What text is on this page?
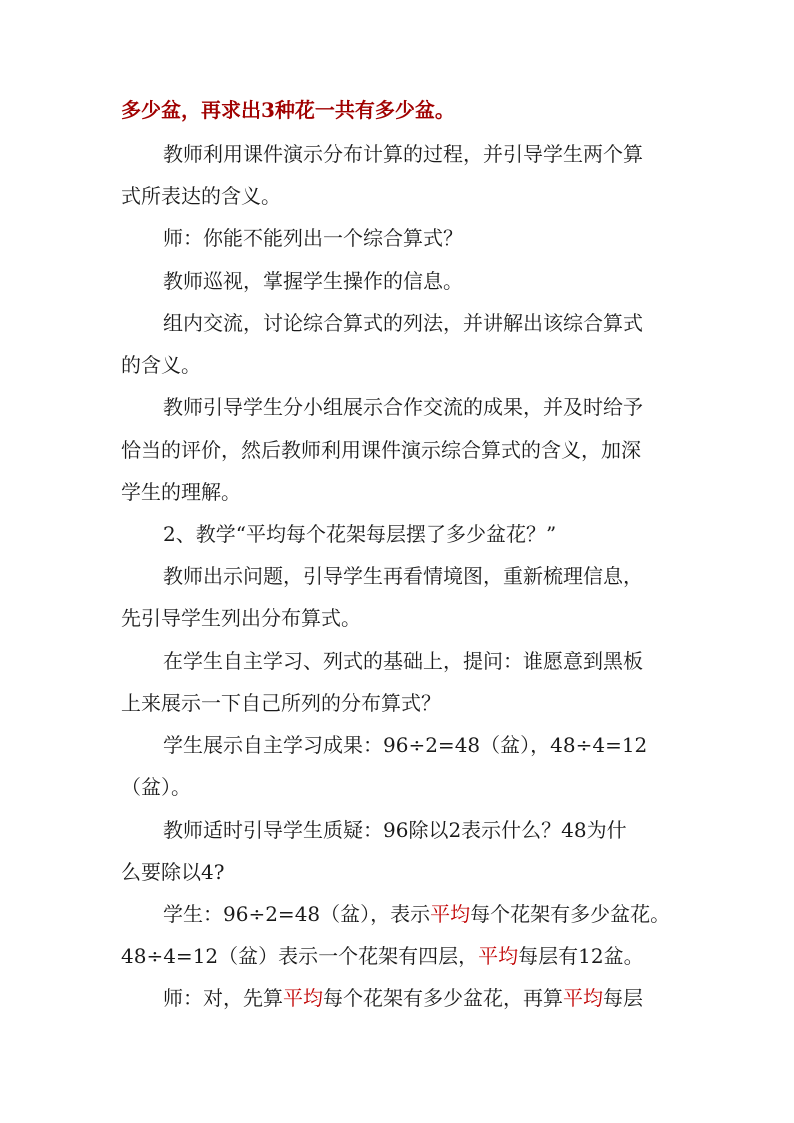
多少盆，再求出3种花一共有多少盆。
教师利用课件演示分布计算的过程，并引导学生两个算
式所表达的含义。
师：你能不能列出一个综合算式？
教师巡视，掌握学生操作的信息。
组内交流，讨论综合算式的列法，并讲解出该综合算式
的含义。
教师引导学生分小组展示合作交流的成果，并及时给予
恰当的评价，然后教师利用课件演示综合算式的含义，加深
学生的理解。
2、教学“平均每个花架每层摆了多少盆花？”
教师出示问题，引导学生再看情境图，重新梳理信息，
先引导学生列出分布算式。
在学生自主学习、列式的基础上，提问：谁愿意到黑板
上来展示一下自己所列的分布算式？
学生展示自主学习成果：96÷2=48（盆），48÷4=12
（盆）。
教师适时引导学生质疑：96除以2表示什么？48为什
么要除以4?
学生：96÷2=48（盆），表示平均每个花架有多少盆花。
48÷4=12（盆）表示一个花架有四层，平均每层有12盆。
师：对，先算平均每个花架有多少盆花，再算平均每层
